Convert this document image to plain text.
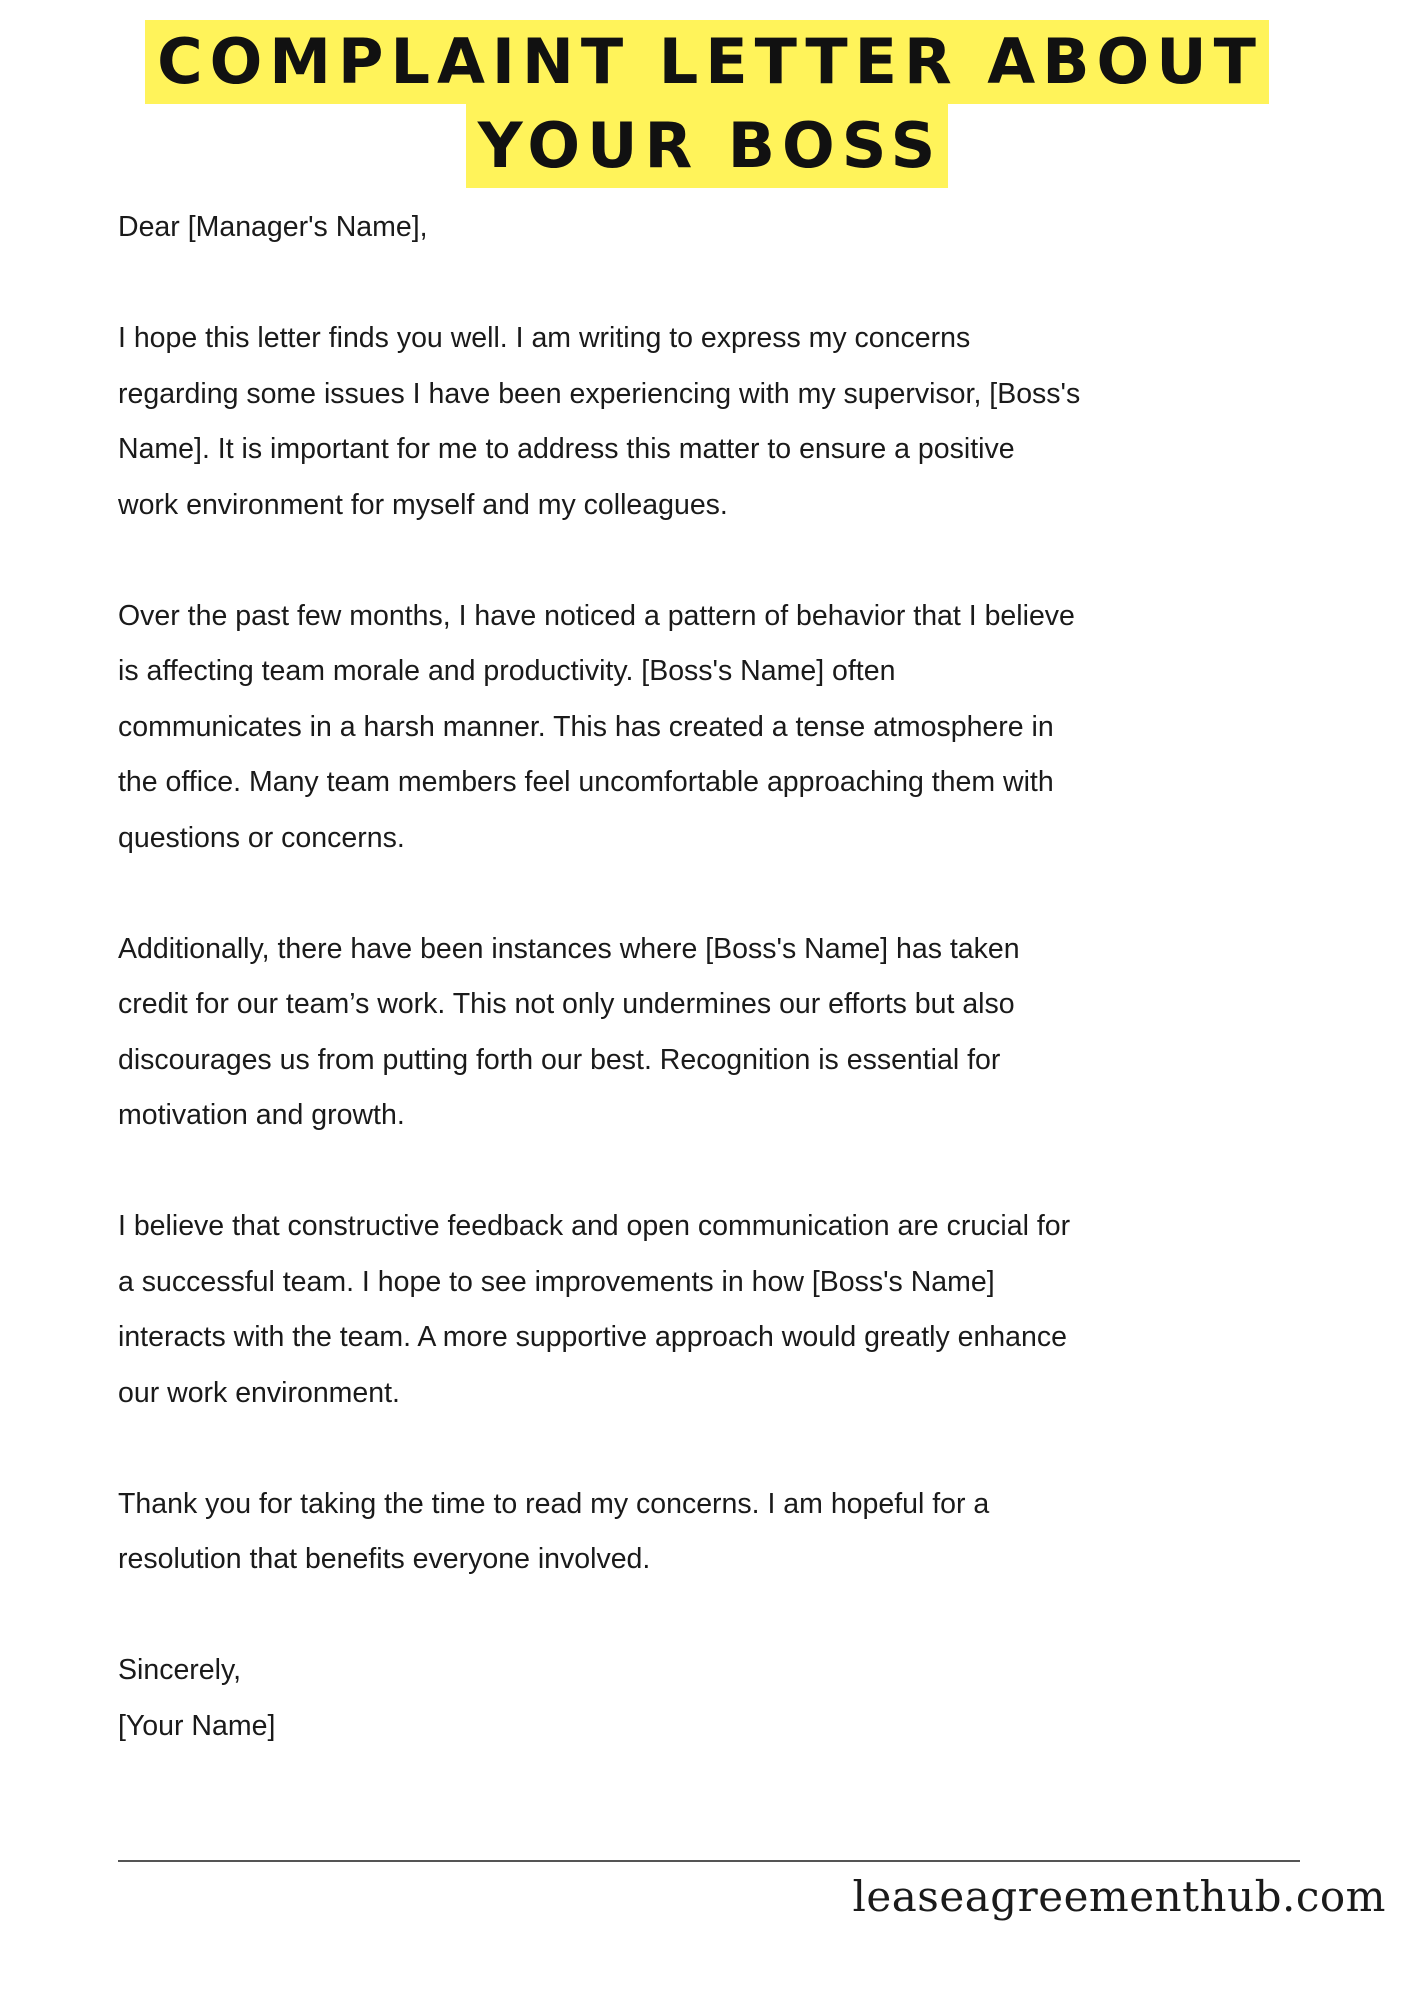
COMPLAINT LETTER ABOUT
YOUR BOSS

Dear [Manager's Name],

I hope this letter finds you well. I am writing to express my concerns
regarding some issues I have been experiencing with my supervisor, [Boss's
Name]. It is important for me to address this matter to ensure a positive
work environment for myself and my colleagues.

Over the past few months, I have noticed a pattern of behavior that I believe
is affecting team morale and productivity. [Boss's Name] often
communicates in a harsh manner. This has created a tense atmosphere in
the office. Many team members feel uncomfortable approaching them with
questions or concerns.

Additionally, there have been instances where [Boss's Name] has taken
credit for our team’s work. This not only undermines our efforts but also
discourages us from putting forth our best. Recognition is essential for
motivation and growth.

I believe that constructive feedback and open communication are crucial for
a successful team. I hope to see improvements in how [Boss's Name]
interacts with the team. A more supportive approach would greatly enhance
our work environment.

Thank you for taking the time to read my concerns. I am hopeful for a
resolution that benefits everyone involved.

Sincerely,

[Your Name]

leaseagreementhub.com
